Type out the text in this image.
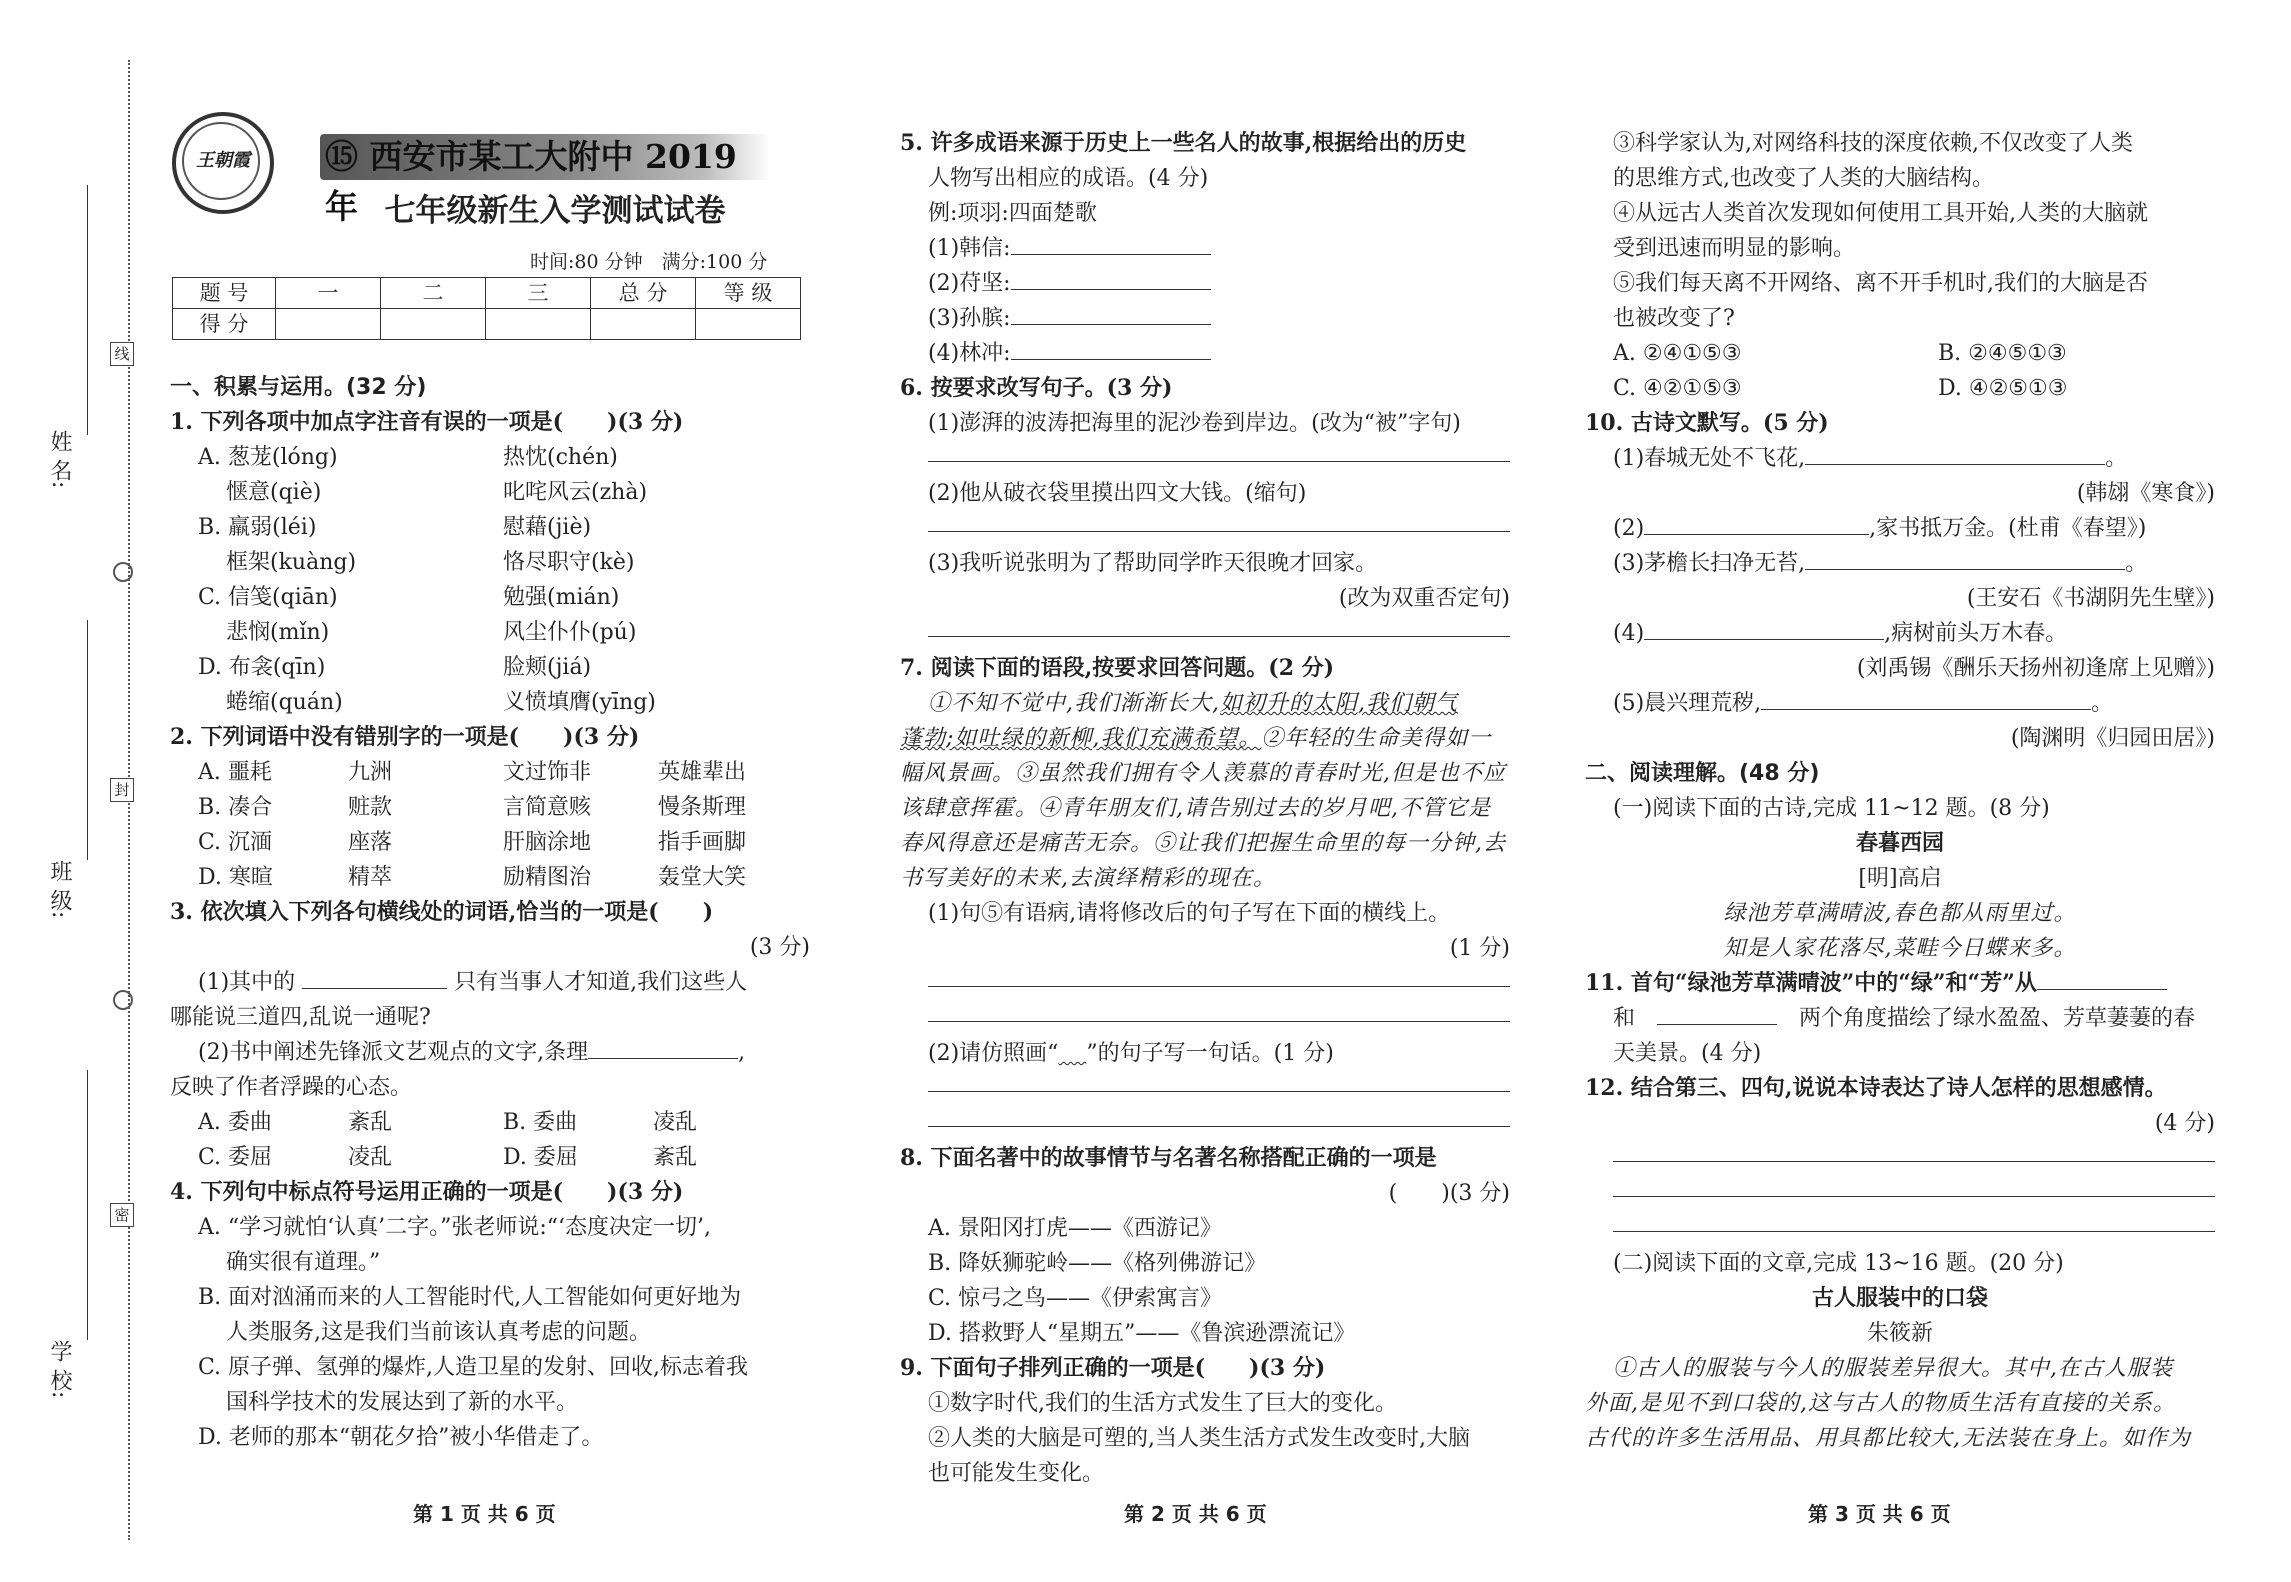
姓 名:
班 级:
学 校:
线
封
密
王朝霞	⑮ 西安市某工大附中 2019 年 七年级新生入学测试试卷
时间:80 分钟　满分:100 分
题 号	一	二	三	总 分	等 级
得 分					
一、积累与运用。(32 分)
1. 下列各项中加点字注音有误的一项是(　　)(3 分)
A. 葱茏(lóng)	热忱(chén)
惬意(qiè)	叱咤风云(zhà)
B. 羸弱(léi)	慰藉(jiè)
框架(kuàng)	恪尽职守(kè)
C. 信笺(qiān)	勉强(mián)
悲悯(mǐn)	风尘仆仆(pú)
D. 布衾(qīn)	脸颊(jiá)
蜷缩(quán)	义愤填膺(yīng)
2. 下列词语中没有错别字的一项是(　　)(3 分)
A. 噩耗	九洲	文过饰非	英雄辈出
B. 凑合	赃款	言简意赅	慢条斯理
C. 沉湎	座落	肝脑涂地	指手画脚
D. 寒暄	精萃	励精图治	轰堂大笑
3. 依次填入下列各句横线处的词语,恰当的一项是(　　)
(3 分)
(1)其中的	只有当事人才知道,我们这些人
哪能说三道四,乱说一通呢?
(2)书中阐述先锋派文艺观点的文字,条理	,
反映了作者浮躁的心态。
A. 委曲	紊乱	B. 委曲	凌乱
C. 委屈	凌乱	D. 委屈	紊乱
4. 下列句中标点符号运用正确的一项是(　　)(3 分)
A. “学习就怕‘认真’二字。”张老师说:“‘态度决定一切’,
确实很有道理。”
B. 面对汹涌而来的人工智能时代,人工智能如何更好地为
人类服务,这是我们当前该认真考虑的问题。
C. 原子弹、氢弹的爆炸,人造卫星的发射、回收,标志着我
国科学技术的发展达到了新的水平。
D. 老师的那本“朝花夕拾”被小华借走了。
5. 许多成语来源于历史上一些名人的故事,根据给出的历史
人物写出相应的成语。(4 分)
例:项羽:四面楚歌
(1)韩信:
(2)苻坚:
(3)孙膑:
(4)林冲:
6. 按要求改写句子。(3 分)
(1)澎湃的波涛把海里的泥沙卷到岸边。(改为“被”字句)
(2)他从破衣袋里摸出四文大钱。(缩句)
(3)我听说张明为了帮助同学昨天很晚才回家。
(改为双重否定句)
7. 阅读下面的语段,按要求回答问题。(2 分)
①不知不觉中,我们渐渐长大,如初升的太阳,我们朝气
蓬勃;如吐绿的新柳,我们充满希望。②年轻的生命美得如一
幅风景画。③虽然我们拥有令人羡慕的青春时光,但是也不应
该肆意挥霍。④青年朋友们,请告别过去的岁月吧,不管它是
春风得意还是痛苦无奈。⑤让我们把握生命里的每一分钟,去
书写美好的未来,去演绎精彩的现在。
(1)句⑤有语病,请将修改后的句子写在下面的横线上。
(1 分)
(2)请仿照画“ ”的句子写一句话。(1 分)
8. 下面名著中的故事情节与名著名称搭配正确的一项是
(　　)(3 分)
A. 景阳冈打虎——《西游记》
B. 降妖狮驼岭——《格列佛游记》
C. 惊弓之鸟——《伊索寓言》
D. 搭救野人“星期五”——《鲁滨逊漂流记》
9. 下面句子排列正确的一项是(　　)(3 分)
①数字时代,我们的生活方式发生了巨大的变化。
②人类的大脑是可塑的,当人类生活方式发生改变时,大脑
也可能发生变化。
③科学家认为,对网络科技的深度依赖,不仅改变了人类
的思维方式,也改变了人类的大脑结构。
④从远古人类首次发现如何使用工具开始,人类的大脑就
受到迅速而明显的影响。
⑤我们每天离不开网络、离不开手机时,我们的大脑是否
也被改变了?
A. ②④①⑤③	B. ②④⑤①③
C. ④②①⑤③	D. ④②⑤①③
10. 古诗文默写。(5 分)
(1)春城无处不飞花,	。
(韩翃《寒食》)
(2)	,家书抵万金。(杜甫《春望》)
(3)茅檐长扫净无苔,	。
(王安石《书湖阴先生壁》)
(4)	,病树前头万木春。
(刘禹锡《酬乐天扬州初逢席上见赠》)
(5)晨兴理荒秽,	。
(陶渊明《归园田居》)
二、阅读理解。(48 分)
(一)阅读下面的古诗,完成 11~12 题。(8 分)
春暮西园
[明]高启
绿池芳草满晴波,春色都从雨里过。
知是人家花落尽,菜畦今日蝶来多。
11. 首句“绿池芳草满晴波”中的“绿”和“芳”从
和　　	两个角度描绘了绿水盈盈、芳草萋萋的春
天美景。(4 分)
12. 结合第三、四句,说说本诗表达了诗人怎样的思想感情。
(4 分)
(二)阅读下面的文章,完成 13~16 题。(20 分)
古人服装中的口袋
朱筱新
①古人的服装与今人的服装差异很大。其中,在古人服装
外面,是见不到口袋的,这与古人的物质生活有直接的关系。
古代的许多生活用品、用具都比较大,无法装在身上。如作为
第 1 页 共 6 页	第 2 页 共 6 页	第 3 页 共 6 页
